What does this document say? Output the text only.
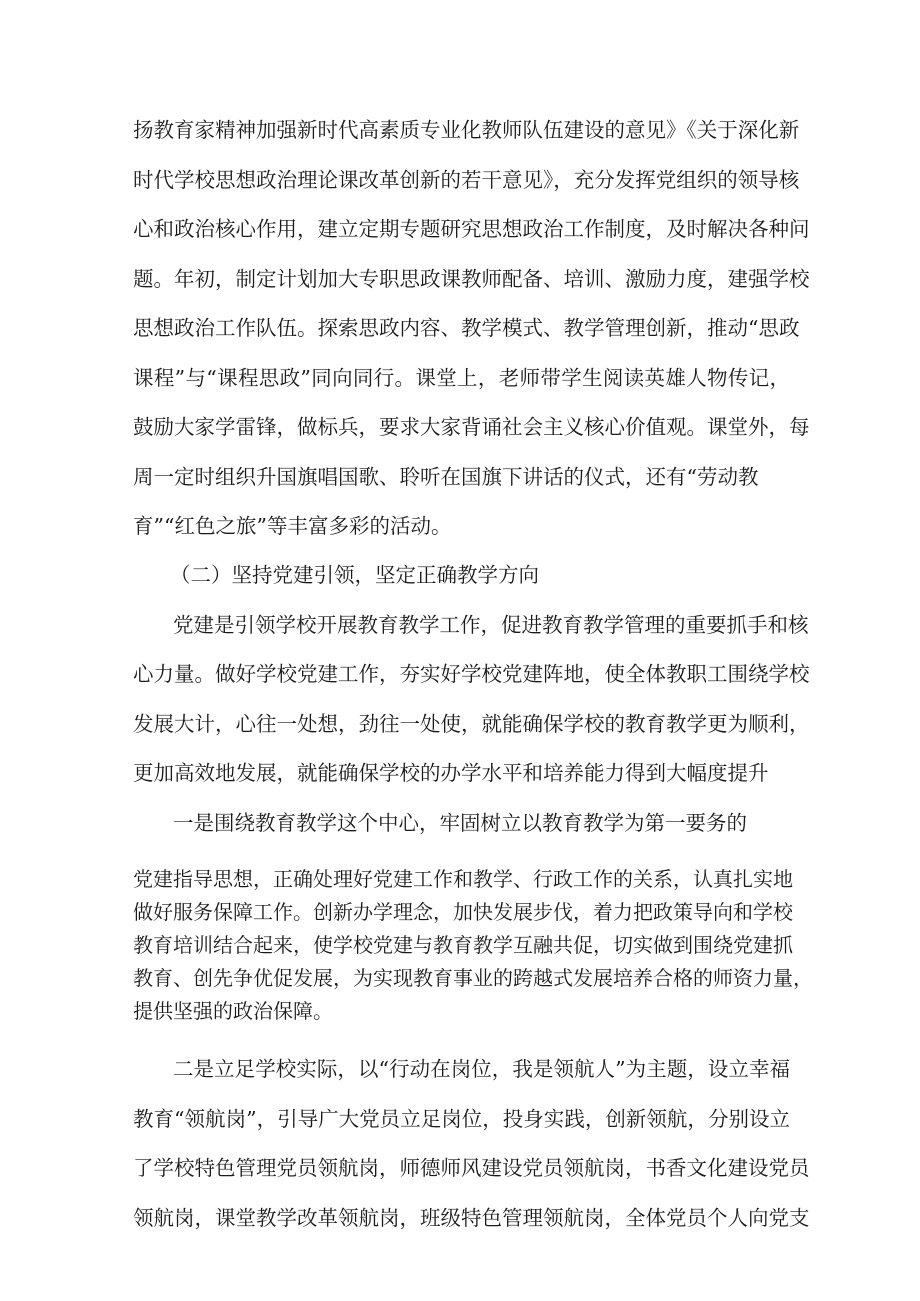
扬教育家精神加强新时代高素质专业化教师队伍建设的意见》《关于深化新

时代学校思想政治理论课改革创新的若干意见》，充分发挥党组织的领导核

心和政治核心作用，建立定期专题研究思想政治工作制度，及时解决各种问

题。年初，制定计划加大专职思政课教师配备、培训、激励力度，建强学校

思想政治工作队伍。探索思政内容、教学模式、教学管理创新，推动“思政

课程”与“课程思政”同向同行。课堂上，老师带学生阅读英雄人物传记，

鼓励大家学雷锋，做标兵，要求大家背诵社会主义核心价值观。课堂外，每

周一定时组织升国旗唱国歌、聆听在国旗下讲话的仪式，还有“劳动教

育”“红色之旅”等丰富多彩的活动。

（二）坚持党建引领，坚定正确教学方向

党建是引领学校开展教育教学工作，促进教育教学管理的重要抓手和核

心力量。做好学校党建工作，夯实好学校党建阵地，使全体教职工围绕学校

发展大计，心往一处想，劲往一处使，就能确保学校的教育教学更为顺利，

更加高效地发展，就能确保学校的办学水平和培养能力得到大幅度提升

一是围绕教育教学这个中心，牢固树立以教育教学为第一要务的

党建指导思想，正确处理好党建工作和教学、行政工作的关系，认真扎实地

做好服务保障工作。创新办学理念，加快发展步伐，着力把政策导向和学校

教育培训结合起来，使学校党建与教育教学互融共促，切实做到围绕党建抓

教育、创先争优促发展，为实现教育事业的跨越式发展培养合格的师资力量，

提供坚强的政治保障。

二是立足学校实际，以“行动在岗位，我是领航人”为主题，设立幸福

教育“领航岗”，引导广大党员立足岗位，投身实践，创新领航，分别设立

了学校特色管理党员领航岗，师德师风建设党员领航岗，书香文化建设党员

领航岗，课堂教学改革领航岗，班级特色管理领航岗，全体党员个人向党支
